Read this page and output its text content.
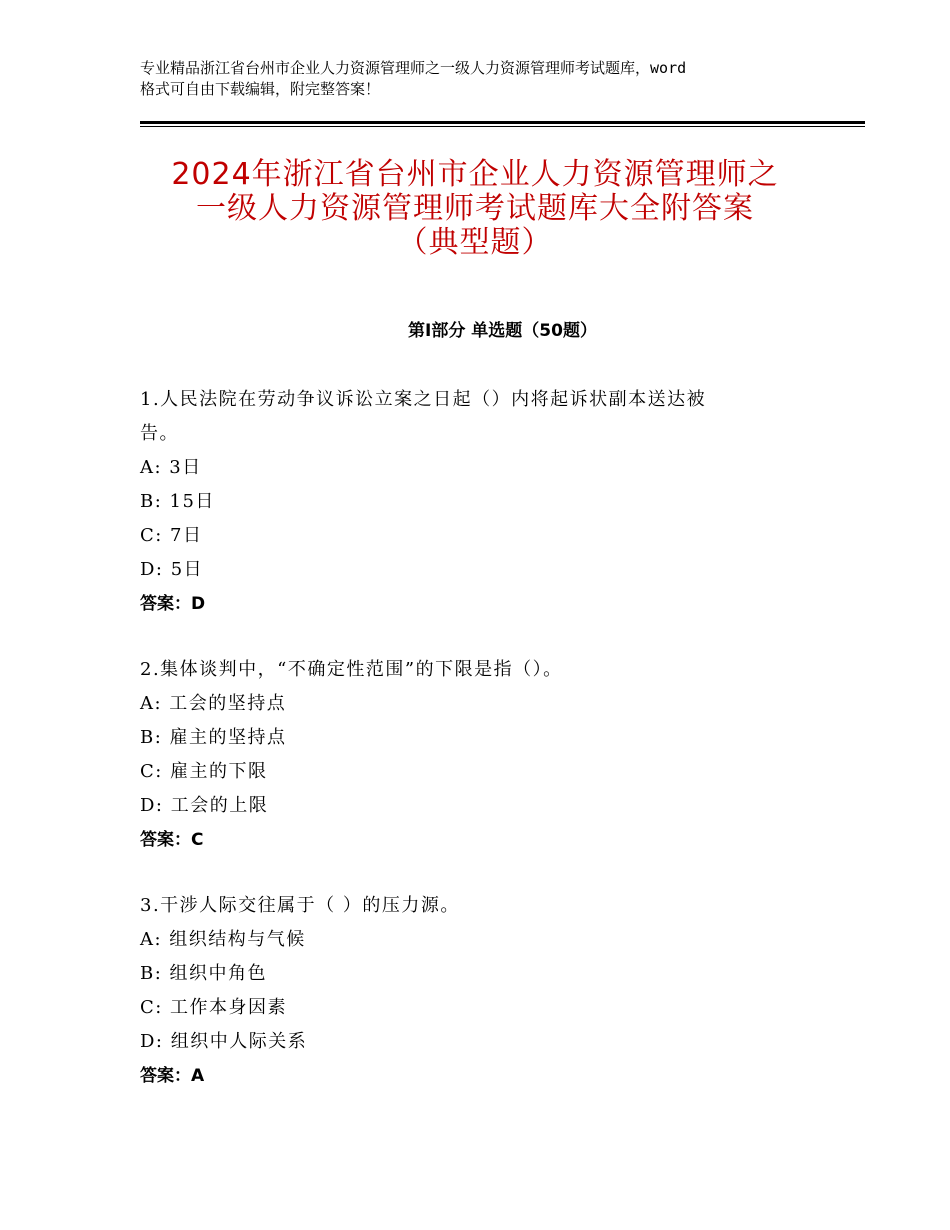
专业精品浙江省台州市企业人力资源管理师之一级人力资源管理师考试题库，word
格式可自由下载编辑，附完整答案！
2024年浙江省台州市企业人力资源管理师之
一级人力资源管理师考试题库大全附答案
（典型题）
第Ⅰ部分 单选题（50题）
1.人民法院在劳动争议诉讼立案之日起（）内将起诉状副本送达被
告。
A: 3日
B: 15日
C: 7日
D: 5日
答案：D
2.集体谈判中，“不确定性范围”的下限是指（）。
A: 工会的坚持点
B: 雇主的坚持点
C: 雇主的下限
D: 工会的上限
答案：C
3.干涉人际交往属于（ ）的压力源。
A: 组织结构与气候
B: 组织中角色
C: 工作本身因素
D: 组织中人际关系
答案：A
